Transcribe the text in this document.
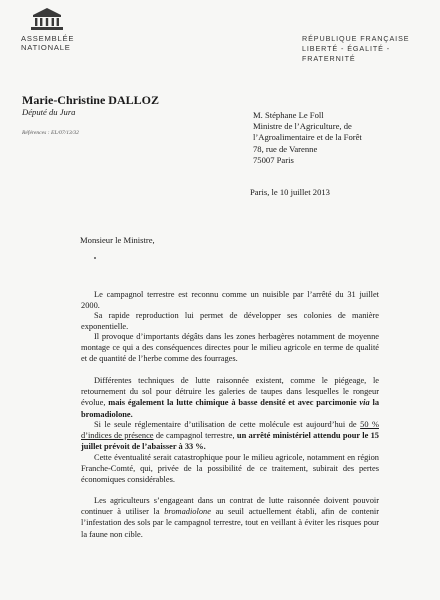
ASSEMBLÉE
NATIONALE
RÉPUBLIQUE FRANÇAISE
LIBERTÉ - ÉGALITÉ - FRATERNITÉ
Marie-Christine DALLOZ
Député du Jura
Références : EL/07/13/32
M. Stéphane Le Foll
Ministre de l’Agriculture, de
l’Agroalimentaire et de la Forêt
78, rue de Varenne
75007 Paris
Paris, le 10 juillet 2013
Monsieur le Ministre,
Le campagnol terrestre est reconnu comme un nuisible par l’arrêté du 31 juillet 2000.
Sa rapide reproduction lui permet de développer ses colonies de manière exponentielle.
Il provoque d’importants dégâts dans les zones herbagères notamment de moyenne montage ce qui a des conséquences directes pour le milieu agricole en terme de qualité et de quantité de l’herbe comme des fourrages.
Différentes techniques de lutte raisonnée existent, comme le piégeage, le retournement du sol pour détruire les galeries de taupes dans lesquelles le rongeur évolue, mais également la lutte chimique à basse densité et avec parcimonie via la bromadiolone.
Si le seule réglementaire d’utilisation de cette molécule est aujourd’hui de 50 % d’indices de présence de campagnol terrestre, un arrêté ministériel attendu pour le 15 juillet prévoit de l’abaisser à 33 %.
Cette éventualité serait catastrophique pour le milieu agricole, notamment en région Franche-Comté, qui, privée de la possibilité de ce traitement, subirait des pertes économiques considérables.
Les agriculteurs s’engageant dans un contrat de lutte raisonnée doivent pouvoir continuer à utiliser la bromadiolone au seuil actuellement établi, afin de contenir l’infestation des sols par le campagnol terrestre, tout en veillant à éviter les risques pour la faune non cible.
